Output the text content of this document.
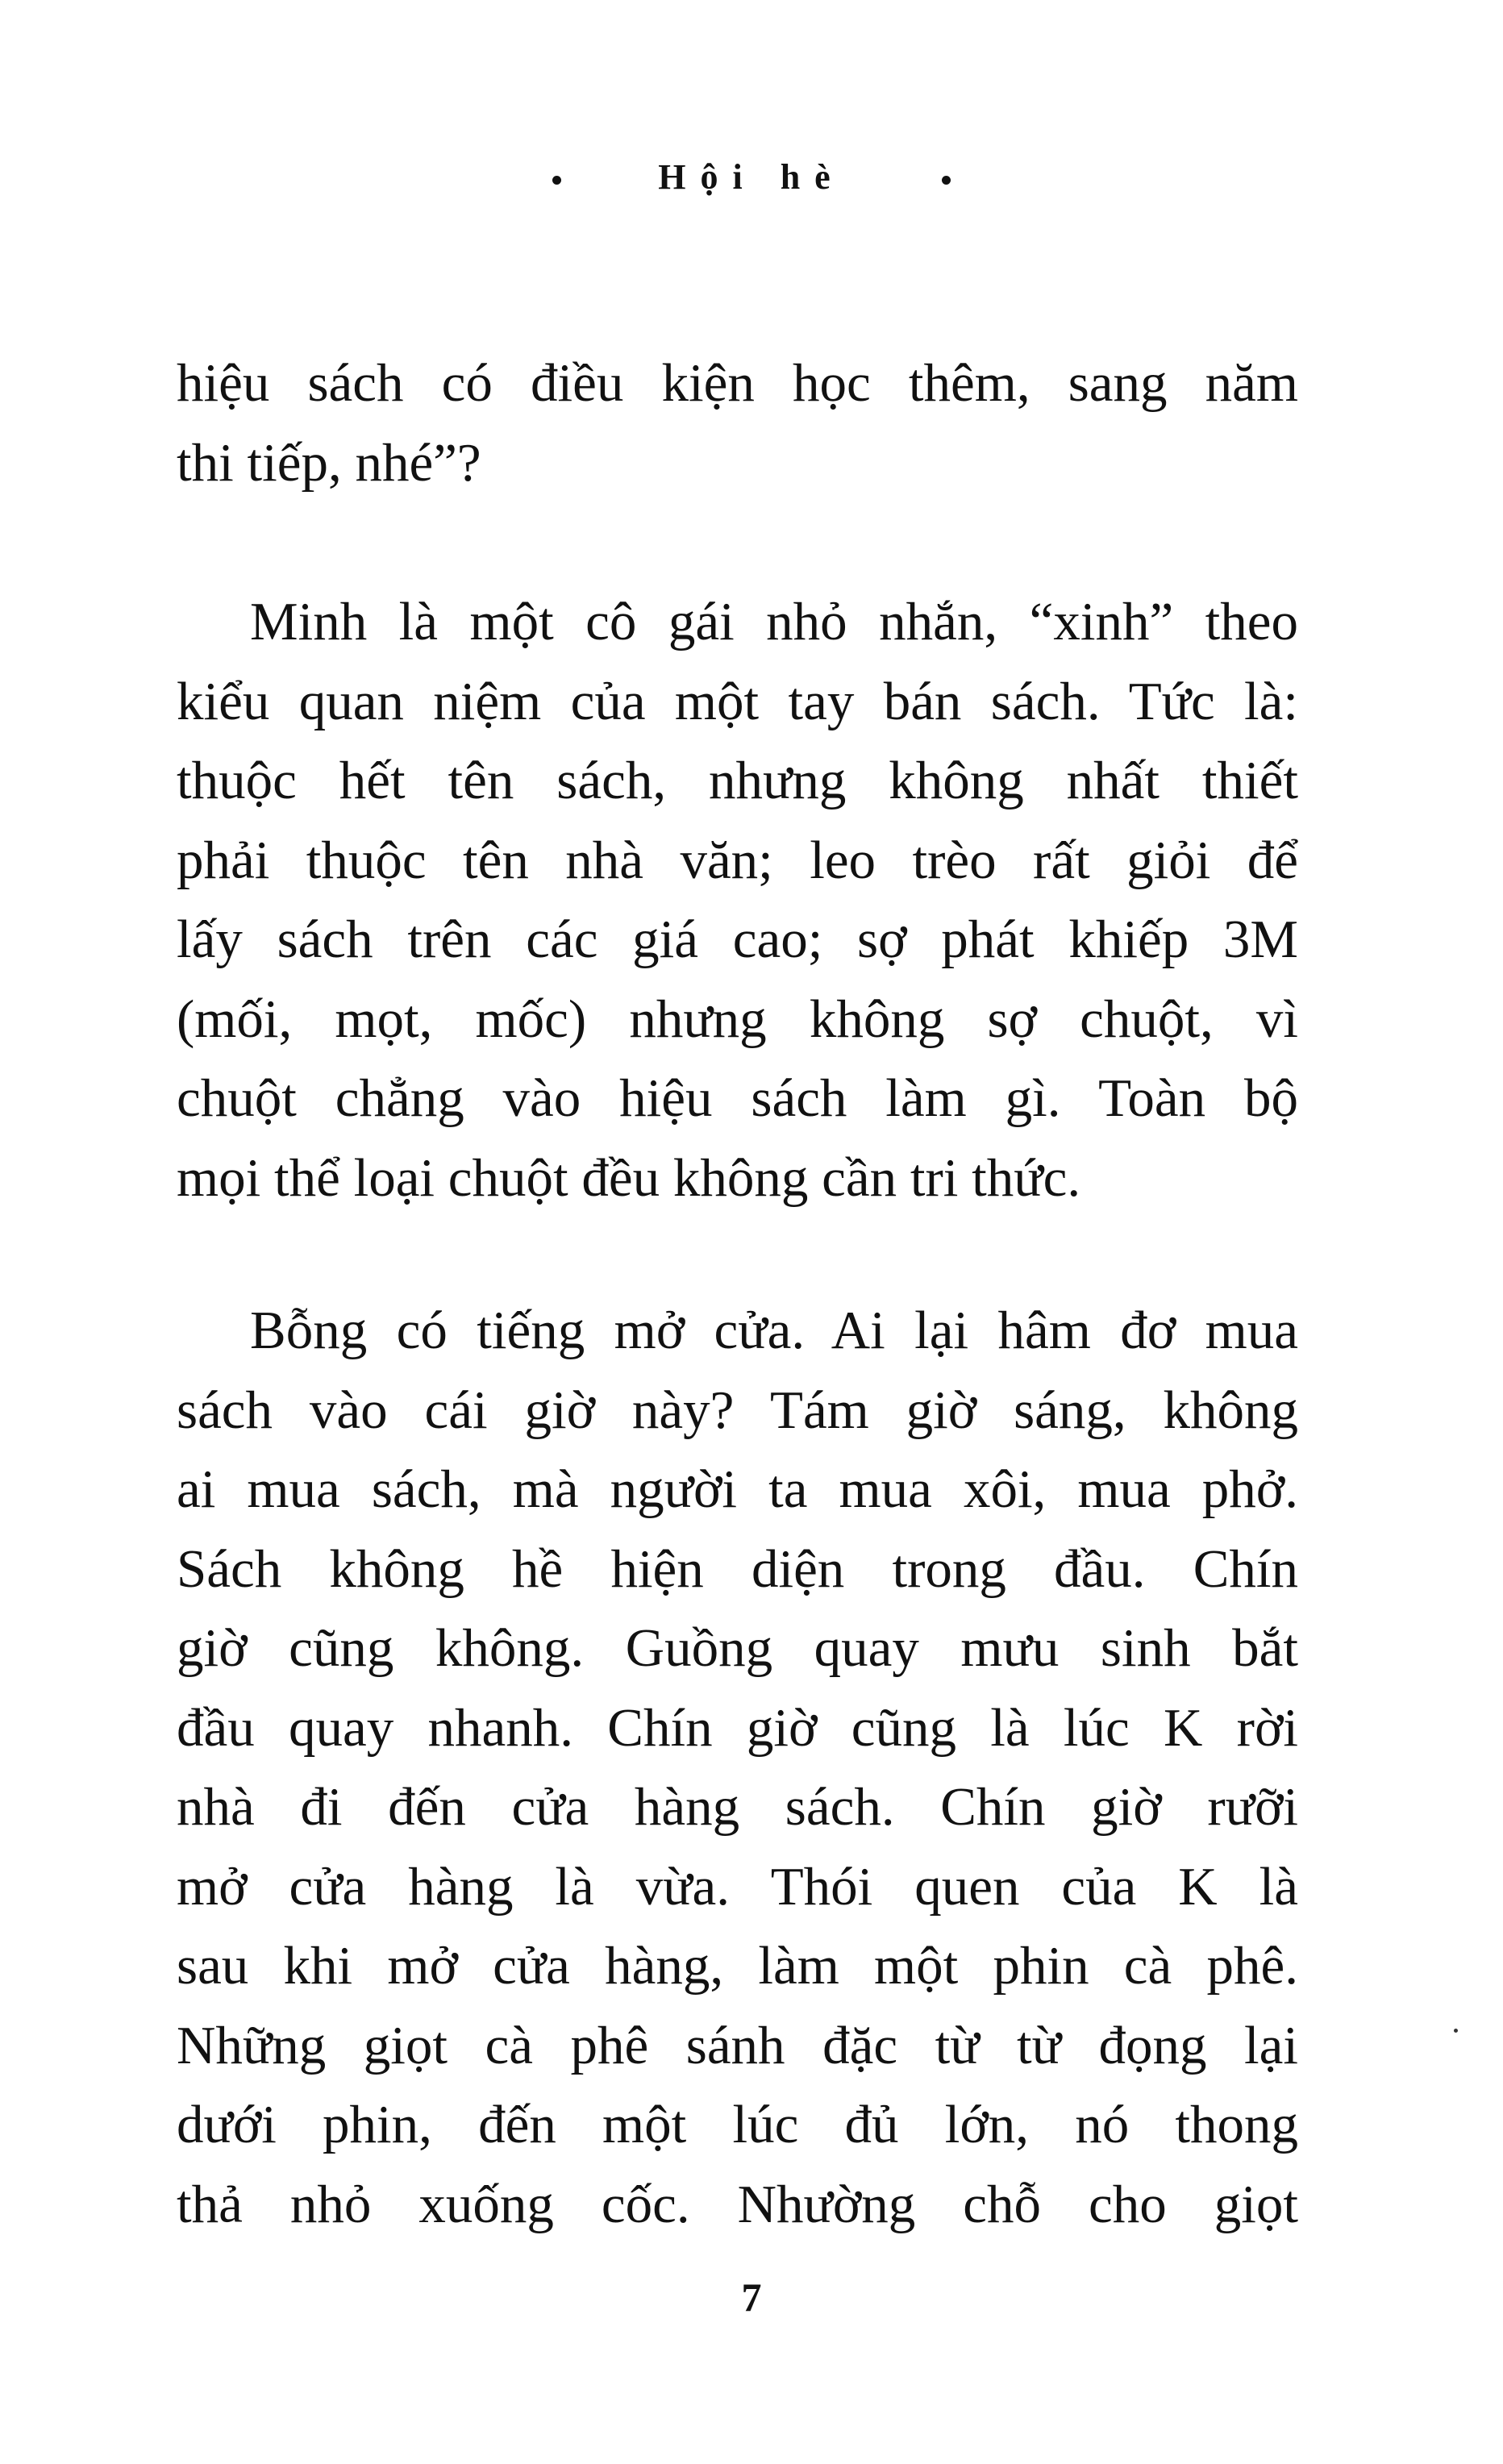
Hội hè
hiệu sách có điều kiện học thêm, sang năm
thi tiếp, nhé”?
Minh là một cô gái nhỏ nhắn, “xinh” theo
kiểu quan niệm của một tay bán sách. Tức là:
thuộc hết tên sách, nhưng không nhất thiết
phải thuộc tên nhà văn; leo trèo rất giỏi để
lấy sách trên các giá cao; sợ phát khiếp 3M
(mối, mọt, mốc) nhưng không sợ chuột, vì
chuột chẳng vào hiệu sách làm gì. Toàn bộ
mọi thể loại chuột đều không cần tri thức.
Bỗng có tiếng mở cửa. Ai lại hâm đơ mua
sách vào cái giờ này? Tám giờ sáng, không
ai mua sách, mà người ta mua xôi, mua phở.
Sách không hề hiện diện trong đầu. Chín
giờ cũng không. Guồng quay mưu sinh bắt
đầu quay nhanh. Chín giờ cũng là lúc K rời
nhà đi đến cửa hàng sách. Chín giờ rưỡi
mở cửa hàng là vừa. Thói quen của K là
sau khi mở cửa hàng, làm một phin cà phê.
Những giọt cà phê sánh đặc từ từ đọng lại
dưới phin, đến một lúc đủ lớn, nó thong
thả nhỏ xuống cốc. Nhường chỗ cho giọt
7
